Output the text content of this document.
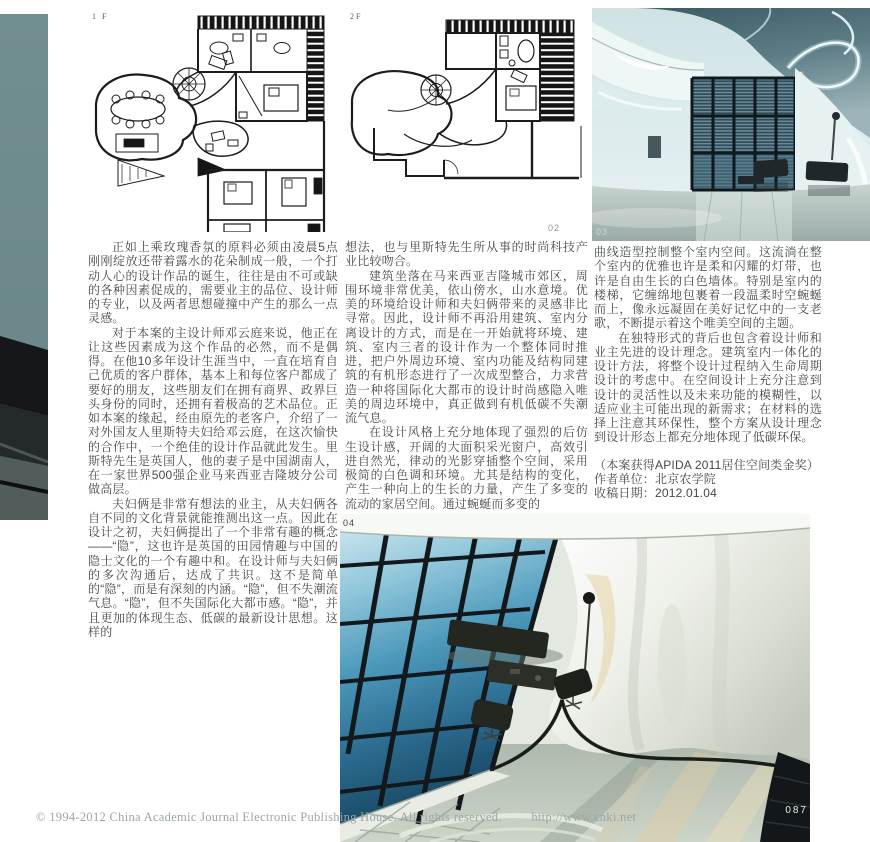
1 F	2F
02	03

正如上乘玫瑰香氛的原料必须由凌晨5点刚刚绽放还带着露水的花朵制成一般，一个打动人心的设计作品的诞生，往往是由不可或缺的各种因素促成的，需要业主的品位、设计师的专业，以及两者思想碰撞中产生的那么一点灵感。

对于本案的主设计师邓云庭来说，他正在让这些因素成为这个作品的必然，而不是偶得。在他10多年设计生涯当中，一直在培育自己优质的客户群体，基本上和每位客户都成了要好的朋友，这些朋友们在拥有商界、政界巨头身份的同时，还拥有着极高的艺术品位。正如本案的缘起，经由原先的老客户，介绍了一对外国友人里斯特夫妇给邓云庭，在这次愉快的合作中，一个绝佳的设计作品就此发生。里斯特先生是英国人，他的妻子是中国湖南人，在一家世界500强企业马来西亚吉隆坡分公司做高层。

夫妇俩是非常有想法的业主，从夫妇俩各自不同的文化背景就能推测出这一点。因此在设计之初，夫妇俩提出了一个非常有趣的概念——“隐”，这也许是英国的田园情趣与中国的隐士文化的一个有趣中和。在设计师与夫妇俩的多次沟通后，达成了共识。这不是简单的“隐”，而是有深刻的内涵。“隐”，但不失潮流气息。“隐”，但不失国际化大都市感。“隐”，并且更加的体现生态、低碳的最新设计思想。这样的

想法，也与里斯特先生所从事的时尚科技产业比较吻合。

建筑坐落在马来西亚吉隆城市郊区，周围环境非常优美，依山傍水，山水意境。优美的环境给设计师和夫妇俩带来的灵感非比寻常。因此，设计师不再沿用建筑、室内分离设计的方式，而是在一开始就将环境、建筑、室内三者的设计作为一个整体同时推进，把户外周边环境、室内功能及结构同建筑的有机形态进行了一次成型整合，力求营造一种将国际化大都市的设计时尚感隐入唯美的周边环境中，真正做到有机低碳不失潮流气息。

在设计风格上充分地体现了强烈的后仿生设计感，开阔的大面积采光窗户，高效引进自然光，律动的光影穿插整个空间，采用极简的白色调和环境。尤其是结构的变化，产生一种向上的生长的力量，产生了多变的流动的家居空间。通过蜿蜒而多变的

曲线造型控制整个室内空间。这流淌在整个室内的优雅也许是柔和闪耀的灯带，也许是自由生长的白色墙体。特别是室内的楼梯，它缠绵地包裹着一段温柔时空蜿蜒而上，像永远凝固在美好记忆中的一支老歌，不断提示着这个唯美空间的主题。

在独特形式的背后也包含着设计师和业主先进的设计理念。建筑室内一体化的设计方法，将整个设计过程纳入生命周期设计的考虑中。在空间设计上充分注意到设计的灵活性以及未来功能的模糊性，以适应业主可能出现的新需求；在材料的选择上注意其环保性，整个方案从设计理念到设计形态上都充分地体现了低碳环保。

（本案获得APIDA 2011居住空间类金奖）

作者单位：北京农学院

收稿日期：2012.01.04

04
087
© 1994-2012 China Academic Journal Electronic Publishing House. All rights reserved. http://www.cnki.net
